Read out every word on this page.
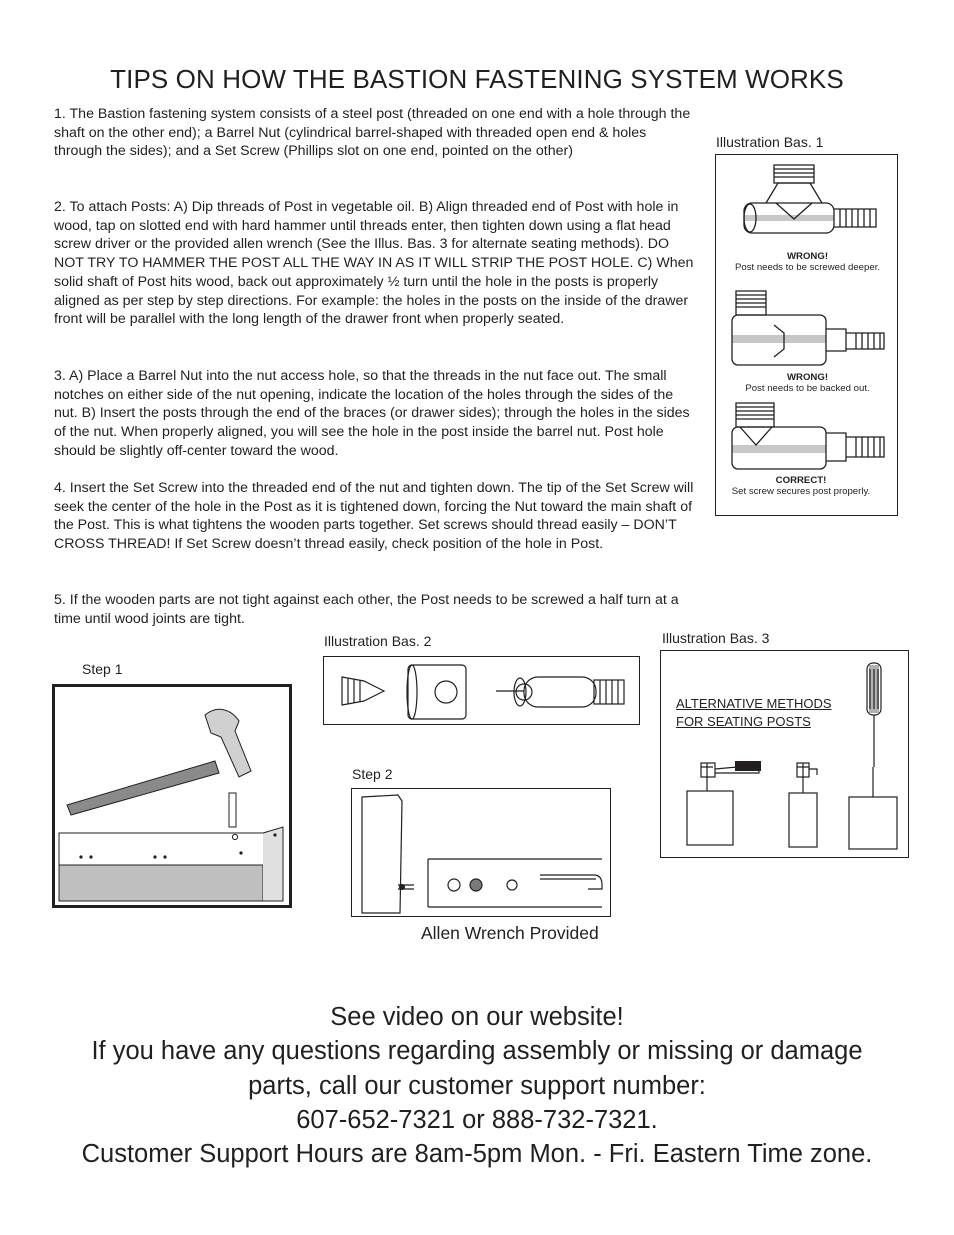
TIPS ON HOW THE BASTION FASTENING SYSTEM WORKS

1. The Bastion fastening system consists of a steel post (threaded on one end with a hole through the shaft on the other end); a Barrel Nut (cylindrical barrel-shaped with threaded open end & holes through the sides); and a Set Screw (Phillips slot on one end, pointed on the other)

2. To attach Posts: A) Dip threads of Post in vegetable oil. B) Align threaded end of Post with hole in wood, tap on slotted end with hard hammer until threads enter, then tighten down using a flat head screw driver or the provided allen wrench (See the Illus. Bas. 3 for alternate seating methods). DO NOT TRY TO HAMMER THE POST ALL THE WAY IN AS IT WILL STRIP THE POST HOLE. C) When solid shaft of Post hits wood, back out approximately ½ turn until the hole in the posts is properly aligned as per step by step directions. For example: the holes in the posts on the inside of the drawer front will be parallel with the long length of the drawer front when properly seated.

3. A) Place a Barrel Nut into the nut access hole, so that the threads in the nut face out. The small notches on either side of the nut opening, indicate the location of the holes through the sides of the nut. B) Insert the posts through the end of the braces (or drawer sides); through the holes in the sides of the nut. When properly aligned, you will see the hole in the post inside the barrel nut. Post hole should be slightly off-center toward the wood.

4. Insert the Set Screw into the threaded end of the nut and tighten down. The tip of the Set Screw will seek the center of the hole in the Post as it is tightened down, forcing the Nut toward the main shaft of the Post. This is what tightens the wooden parts together. Set screws should thread easily – DON’T CROSS THREAD! If Set Screw doesn’t thread easily, check position of the hole in Post.

5. If the wooden parts are not tight against each other, the Post needs to be screwed a half turn at a time until wood joints are tight.

Illustration Bas. 1
WRONG!
Post needs to be screwed deeper.
WRONG!
Post needs to be backed out.
CORRECT!
Set screw secures post properly.
Step 1
Illustration Bas. 2
Step 2
Allen Wrench Provided
Illustration Bas. 3
ALTERNATIVE METHODS
FOR SEATING POSTS
See video on our website!
If you have any questions regarding assembly or missing or damage
parts, call our customer support number:
607-652-7321 or 888-732-7321.
Customer Support Hours are 8am-5pm Mon. - Fri. Eastern Time zone.
